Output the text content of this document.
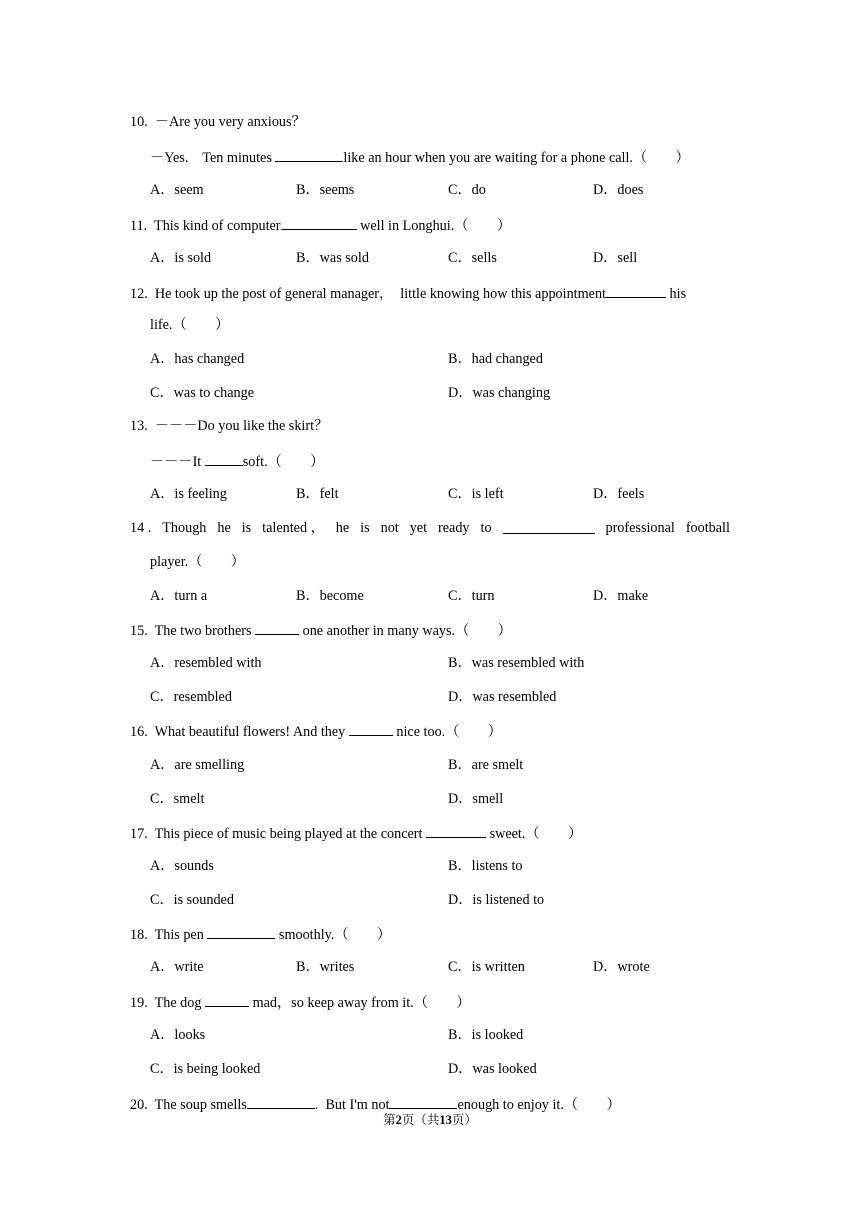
10.  －Are you very anxious？
－Yes.    Ten minutes	like an hour when you are waiting for a phone call.（        ）
A．seem	B．seems	C．do	D．does
11.  This kind of computer	well in Longhui.（        ）
A．is sold	B．was sold	C．sells	D．sell
12.  He took up the post of general manager，  little knowing how this appointment	his
life.（        ）
A．has changed	B．had changed
C．was to change	D．was changing
13.  －－－Do you like the skirt？
－－－It	soft.（        ）
A．is feeling	B．felt	C．is left	D．feels
14 . Though he is talented ， he is not yet ready to	professional football
player.（        ）
A．turn a	B．become	C．turn	D．make
15.  The two brothers	one another in many ways.（        ）
A．resembled with	B．was resembled with
C．resembled	D．was resembled
16.  What beautiful flowers! And they	nice too.（        ）
A．are smelling	B．are smelt
C．smelt	D．smell
17.  This piece of music being played at the concert	sweet.（        ）
A．sounds	B．listens to
C．is sounded	D．is listened to
18.  This pen	smoothly.（        ）
A．write	B．writes	C．is written	D．wrote
19.  The dog	mad，so keep away from it.（        ）
A．looks	B．is looked
C．is being looked	D．was looked
20.  The soup smells	.  But I'm not	enough to enjoy it.（        ）
第2页（共13页）
